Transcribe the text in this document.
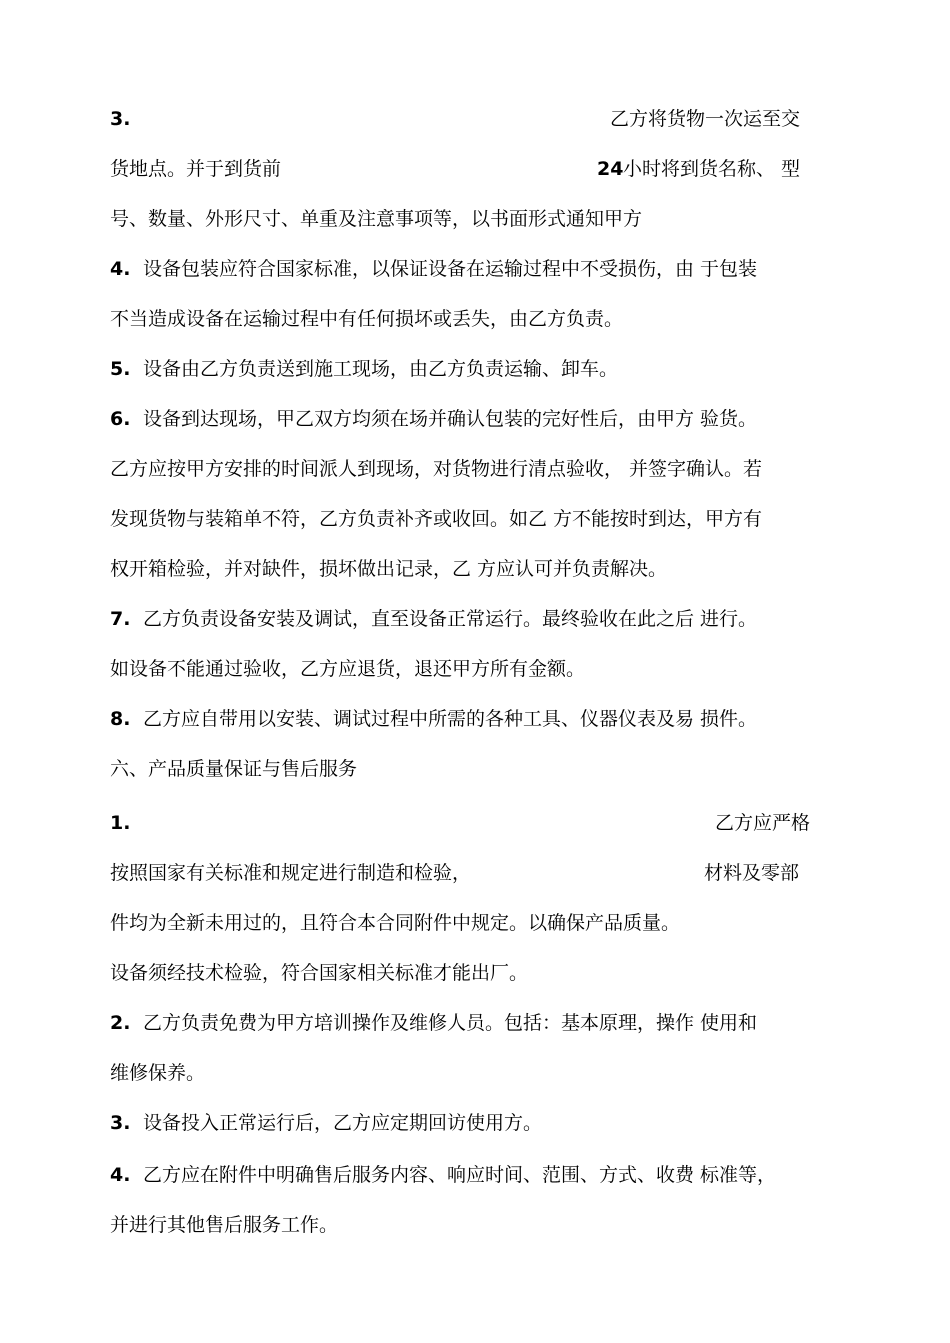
3.	乙方将货物一次运至交
货地点。并于到货前	24 小时将到货名称、 型
号、数量、外形尺寸、单重及注意事项等，以书面形式通知甲方
4. 设备包装应符合国家标准，以保证设备在运输过程中不受损伤，由 于包装
不当造成设备在运输过程中有任何损坏或丢失，由乙方负责。
5. 设备由乙方负责送到施工现场，由乙方负责运输、卸车。
6. 设备到达现场，甲乙双方均须在场并确认包装的完好性后，由甲方 验货。
乙方应按甲方安排的时间派人到现场，对货物进行清点验收， 并签字确认。若
发现货物与装箱单不符，乙方负责补齐或收回。如乙 方不能按时到达，甲方有
权开箱检验，并对缺件，损坏做出记录，乙 方应认可并负责解决。
7. 乙方负责设备安装及调试，直至设备正常运行。最终验收在此之后 进行。
如设备不能通过验收，乙方应退货，退还甲方所有金额。
8. 乙方应自带用以安装、调试过程中所需的各种工具、仪器仪表及易 损件。
六、产品质量保证与售后服务
1.	乙方应严格
按照国家有关标准和规定进行制造和检验，	材料及零部
件均为全新未用过的，且符合本合同附件中规定。以确保产品质量。
设备须经技术检验，符合国家相关标准才能出厂。
2. 乙方负责免费为甲方培训操作及维修人员。包括：基本原理，操作 使用和
维修保养。
3. 设备投入正常运行后，乙方应定期回访使用方。
4. 乙方应在附件中明确售后服务内容、响应时间、范围、方式、收费 标准等，
并进行其他售后服务工作。
